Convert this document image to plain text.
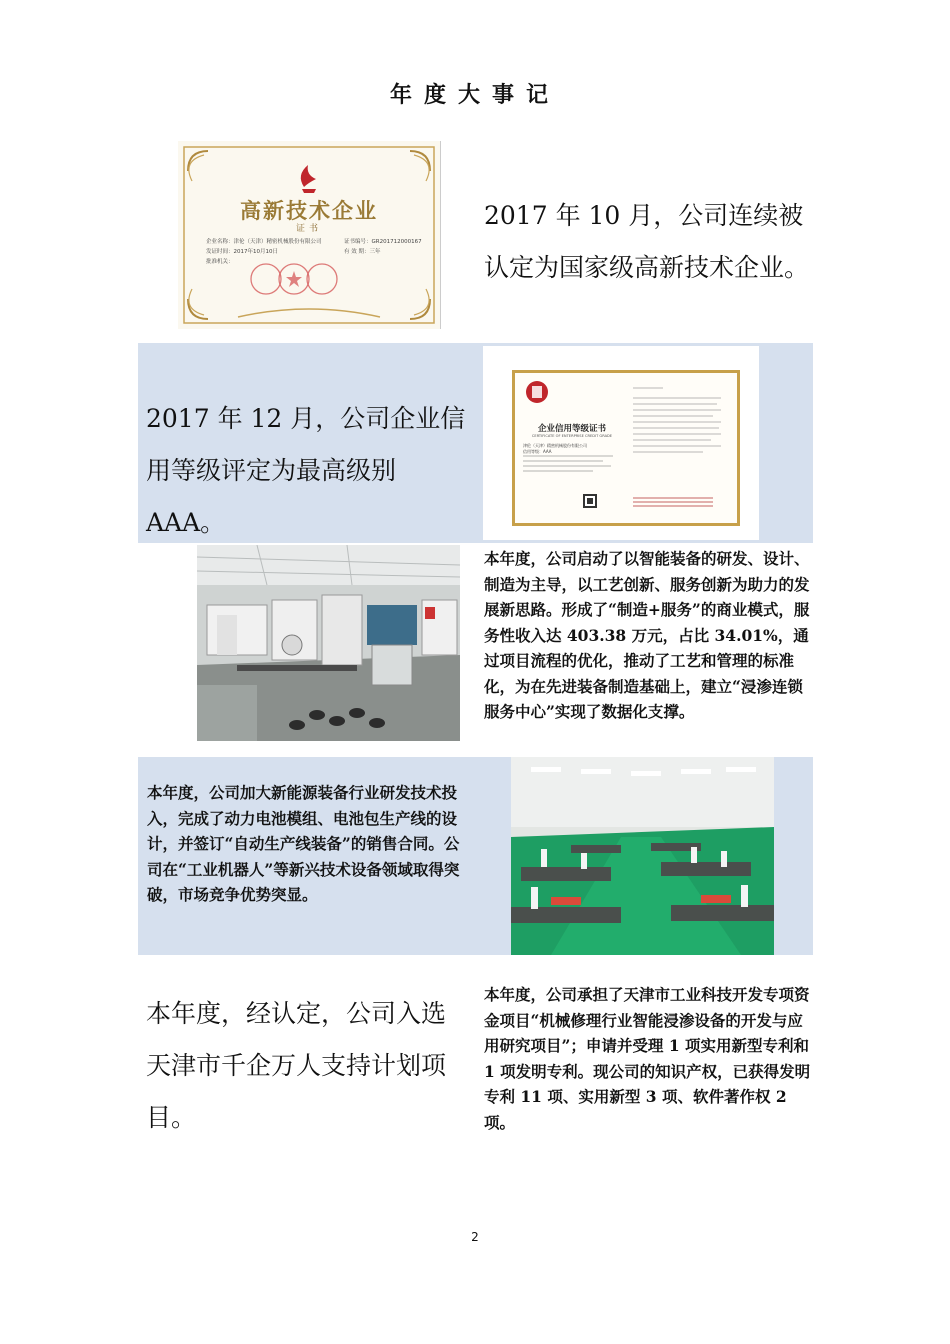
年度大事记
高新技术企业
证书
企业名称：津伦（天津）精密机械股份有限公司
发证时间：2017年10月10日
批准机关：
证书编号：GR201712000167
有 效 期：三年
2017 年 10 月，公司连续被认定为国家级高新技术企业。
2017 年 12 月，公司企业信用等级评定为最高级别 AAA。
企业信用等级证书
CERTIFICATE OF ENTERPRISE CREDIT GRADE
津伦（天津）精密机械股份有限公司
信用等级：AAA
本年度，公司启动了以智能装备的研发、设计、制造为主导，以工艺创新、服务创新为助力的发展新思路。形成了“制造+服务”的商业模式，服务性收入达 403.38 万元，占比 34.01%，通过项目流程的优化，推动了工艺和管理的标准化，为在先进装备制造基础上，建立“浸渗连锁服务中心”实现了数据化支撑。
本年度，公司加大新能源装备行业研发技术投入，完成了动力电池模组、电池包生产线的设计，并签订“自动生产线装备”的销售合同。公司在“工业机器人”等新兴技术设备领域取得突破，市场竞争优势突显。
本年度，经认定，公司入选天津市千企万人支持计划项目。
本年度，公司承担了天津市工业科技开发专项资金项目“机械修理行业智能浸渗设备的开发与应用研究项目”；申请并受理 1 项实用新型专利和 1 项发明专利。现公司的知识产权，已获得发明专利 11 项、实用新型 3 项、软件著作权 2 项。
2
